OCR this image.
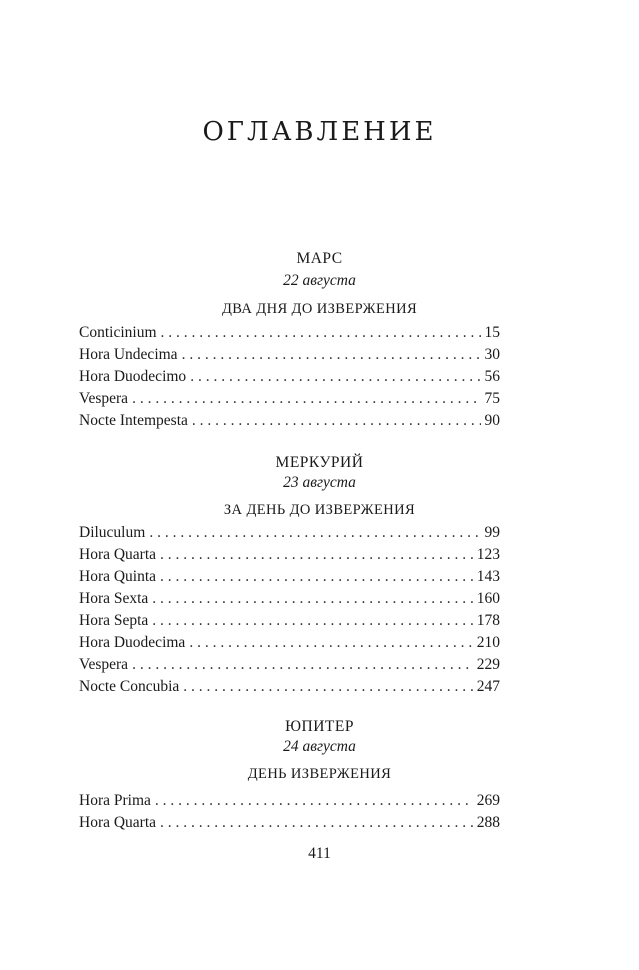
ОГЛАВЛЕНИЕ
МАРС
22 августа
ДВА ДНЯ ДО ИЗВЕРЖЕНИЯ
Conticinium . . .	15
Hora Undecima . . .	30
Hora Duodecimo . . .	56
Vespera . . .	75
Nocte Intempesta . . .	90
МЕРКУРИЙ
23 августа
ЗА ДЕНЬ ДО ИЗВЕРЖЕНИЯ
Diluculum . . .	99
Hora Quarta . . .	123
Hora Quinta . . .	143
Hora Sexta . . .	160
Hora Septa . . .	178
Hora Duodecima . . .	210
Vespera . . .	229
Nocte Concubia . . .	247
ЮПИТЕР
24 августа
ДЕНЬ ИЗВЕРЖЕНИЯ
Hora Prima . . .	269
Hora Quarta . . .	288
411
